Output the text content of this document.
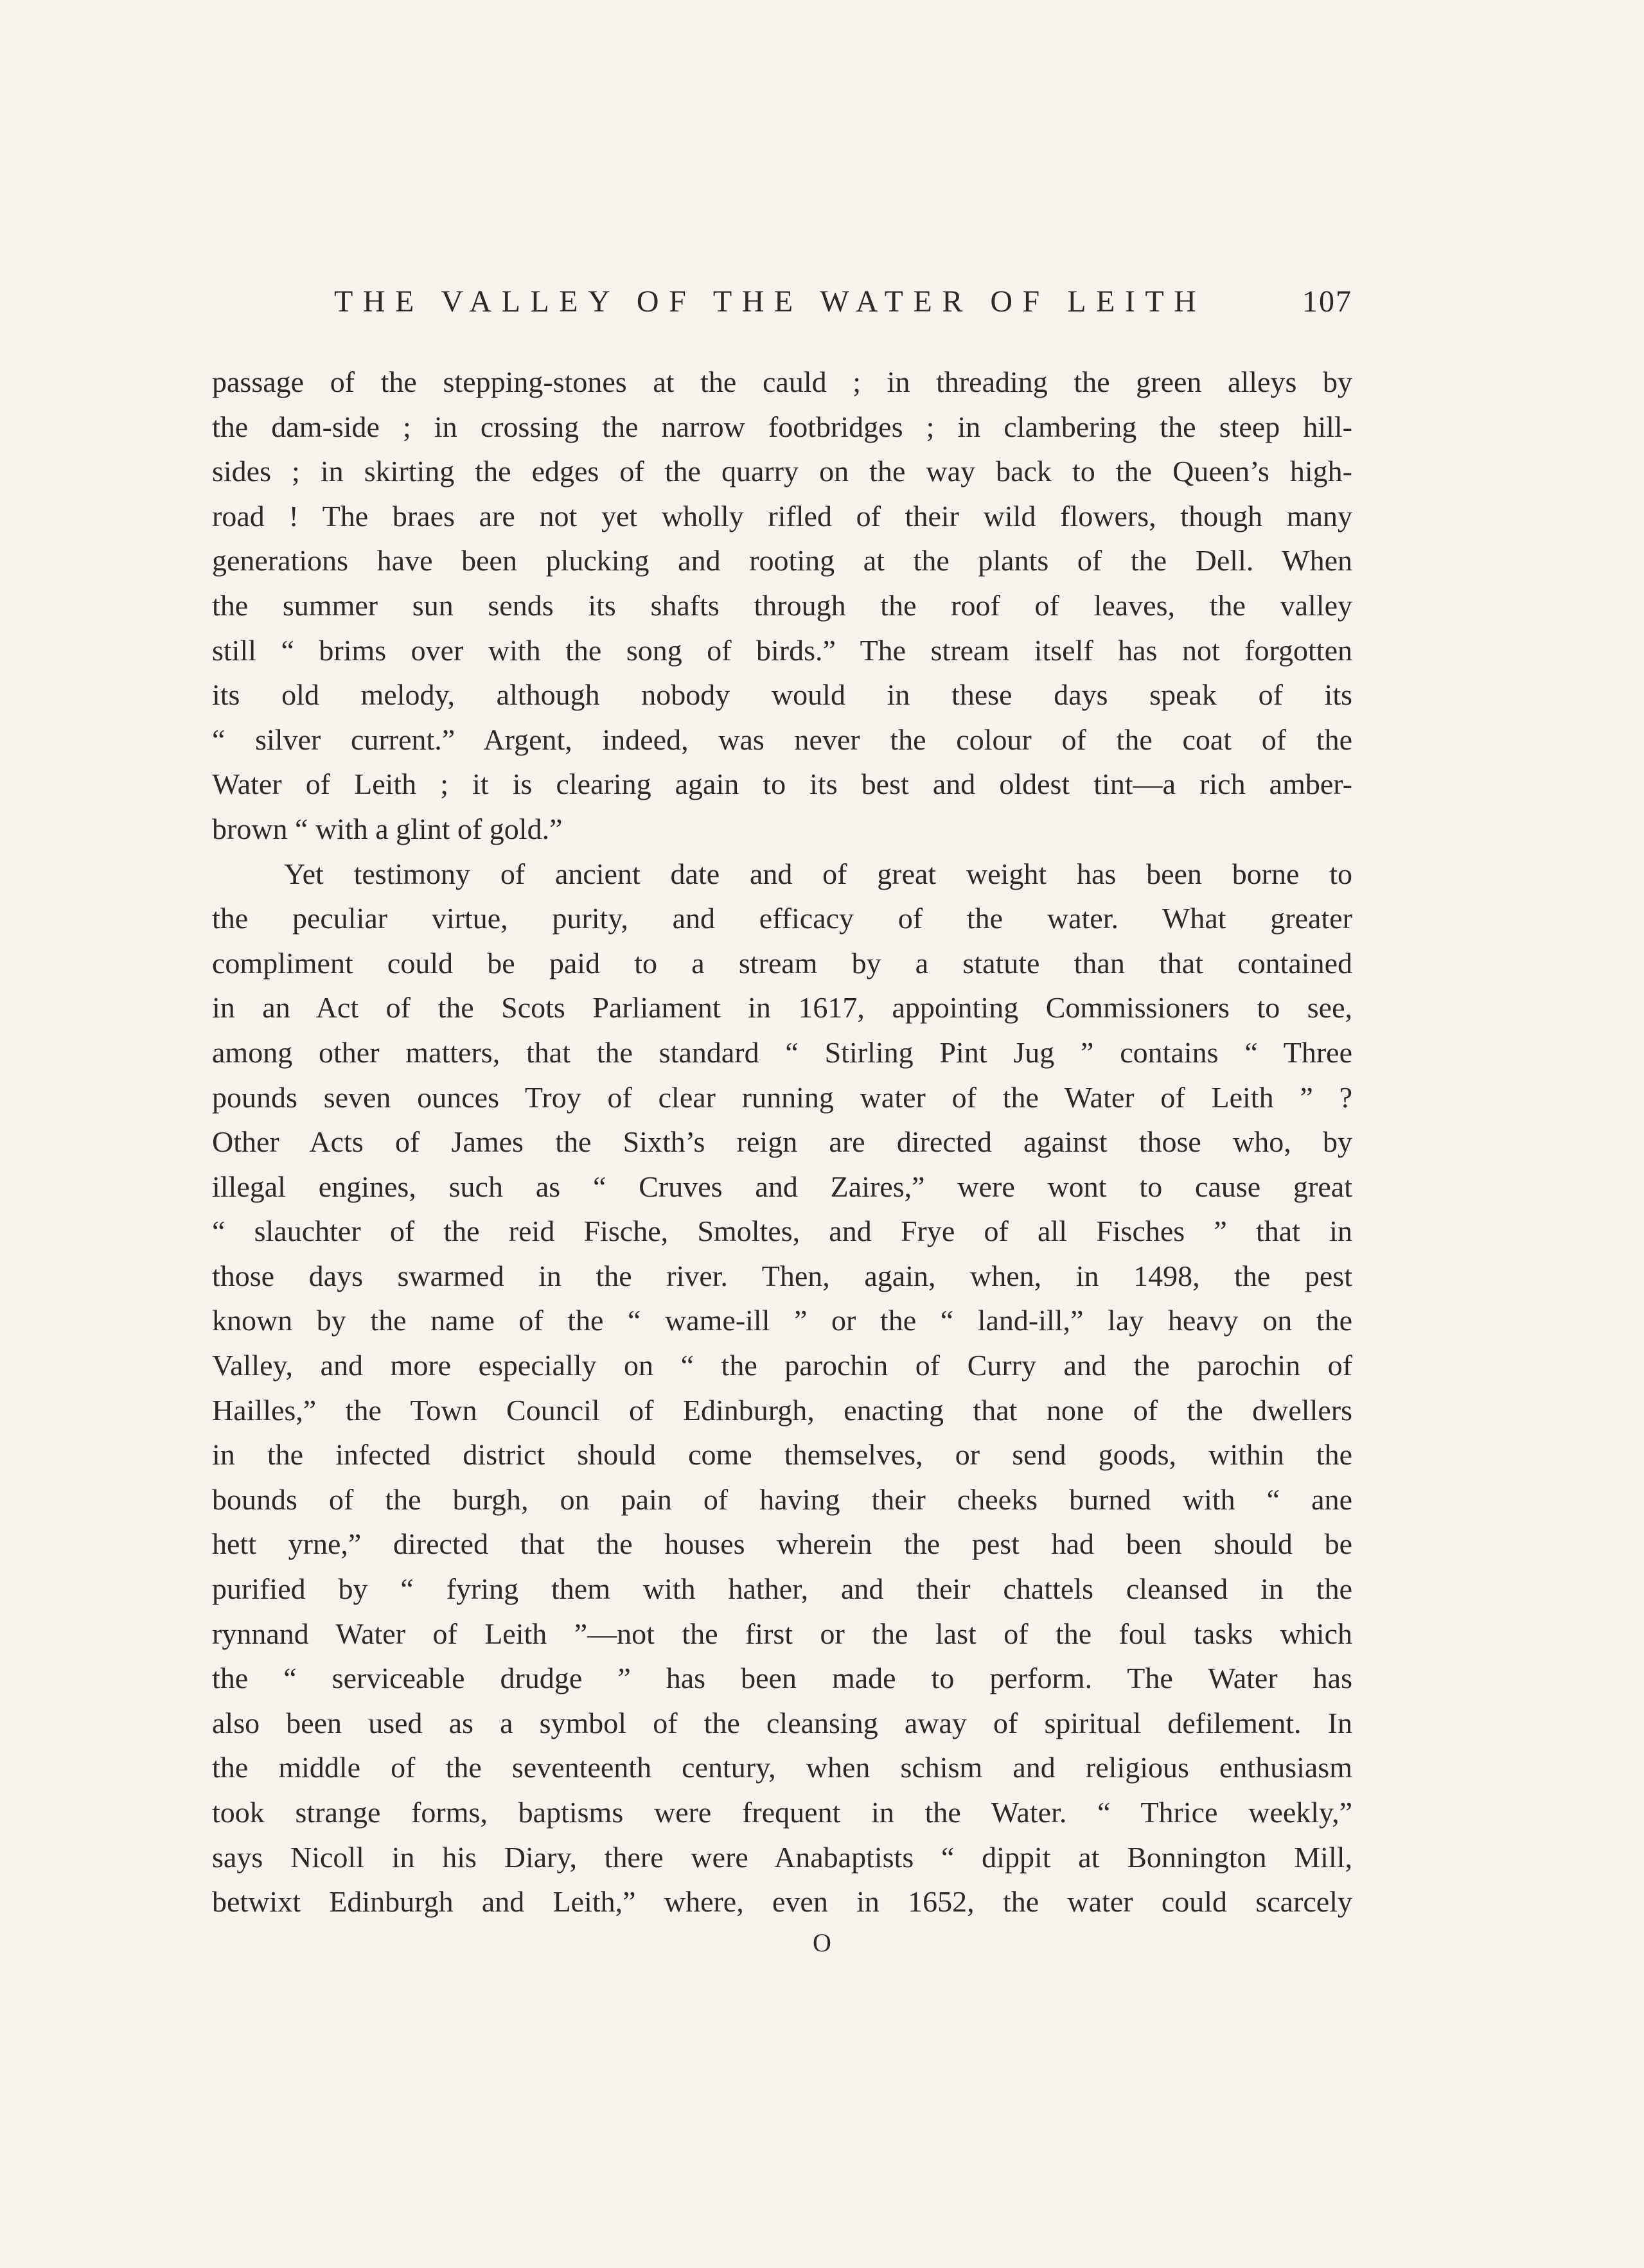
THE VALLEY OF THE WATER OF LEITH	107

passage of the stepping-stones at the cauld ; in threading the green alleys by
the dam-side ; in crossing the narrow footbridges ; in clambering the steep hill-
sides ; in skirting the edges of the quarry on the way back to the Queen’s high-
road ! The braes are not yet wholly rifled of their wild flowers, though many
generations have been plucking and rooting at the plants of the Dell. When
the summer sun sends its shafts through the roof of leaves, the valley
still “ brims over with the song of birds.” The stream itself has not forgotten
its old melody, although nobody would in these days speak of its
“ silver current.” Argent, indeed, was never the colour of the coat of the
Water of Leith ; it is clearing again to its best and oldest tint—a rich amber-
brown “ with a glint of gold.”

Yet testimony of ancient date and of great weight has been borne to
the peculiar virtue, purity, and efficacy of the water. What greater
compliment could be paid to a stream by a statute than that contained
in an Act of the Scots Parliament in 1617, appointing Commissioners to see,
among other matters, that the standard “ Stirling Pint Jug ” contains “ Three
pounds seven ounces Troy of clear running water of the Water of Leith ” ?
Other Acts of James the Sixth’s reign are directed against those who, by
illegal engines, such as “ Cruves and Zaires,” were wont to cause great
“ slauchter of the reid Fische, Smoltes, and Frye of all Fisches ” that in
those days swarmed in the river. Then, again, when, in 1498, the pest
known by the name of the “ wame-ill ” or the “ land-ill,” lay heavy on the
Valley, and more especially on “ the parochin of Curry and the parochin of
Hailles,” the Town Council of Edinburgh, enacting that none of the dwellers
in the infected district should come themselves, or send goods, within the
bounds of the burgh, on pain of having their cheeks burned with “ ane
hett yrne,” directed that the houses wherein the pest had been should be
purified by “ fyring them with hather, and their chattels cleansed in the
rynnand Water of Leith ”—not the first or the last of the foul tasks which
the “ serviceable drudge ” has been made to perform. The Water has
also been used as a symbol of the cleansing away of spiritual defilement. In
the middle of the seventeenth century, when schism and religious enthusiasm
took strange forms, baptisms were frequent in the Water. “ Thrice weekly,”
says Nicoll in his Diary, there were Anabaptists “ dippit at Bonnington Mill,
betwixt Edinburgh and Leith,” where, even in 1652, the water could scarcely

O
